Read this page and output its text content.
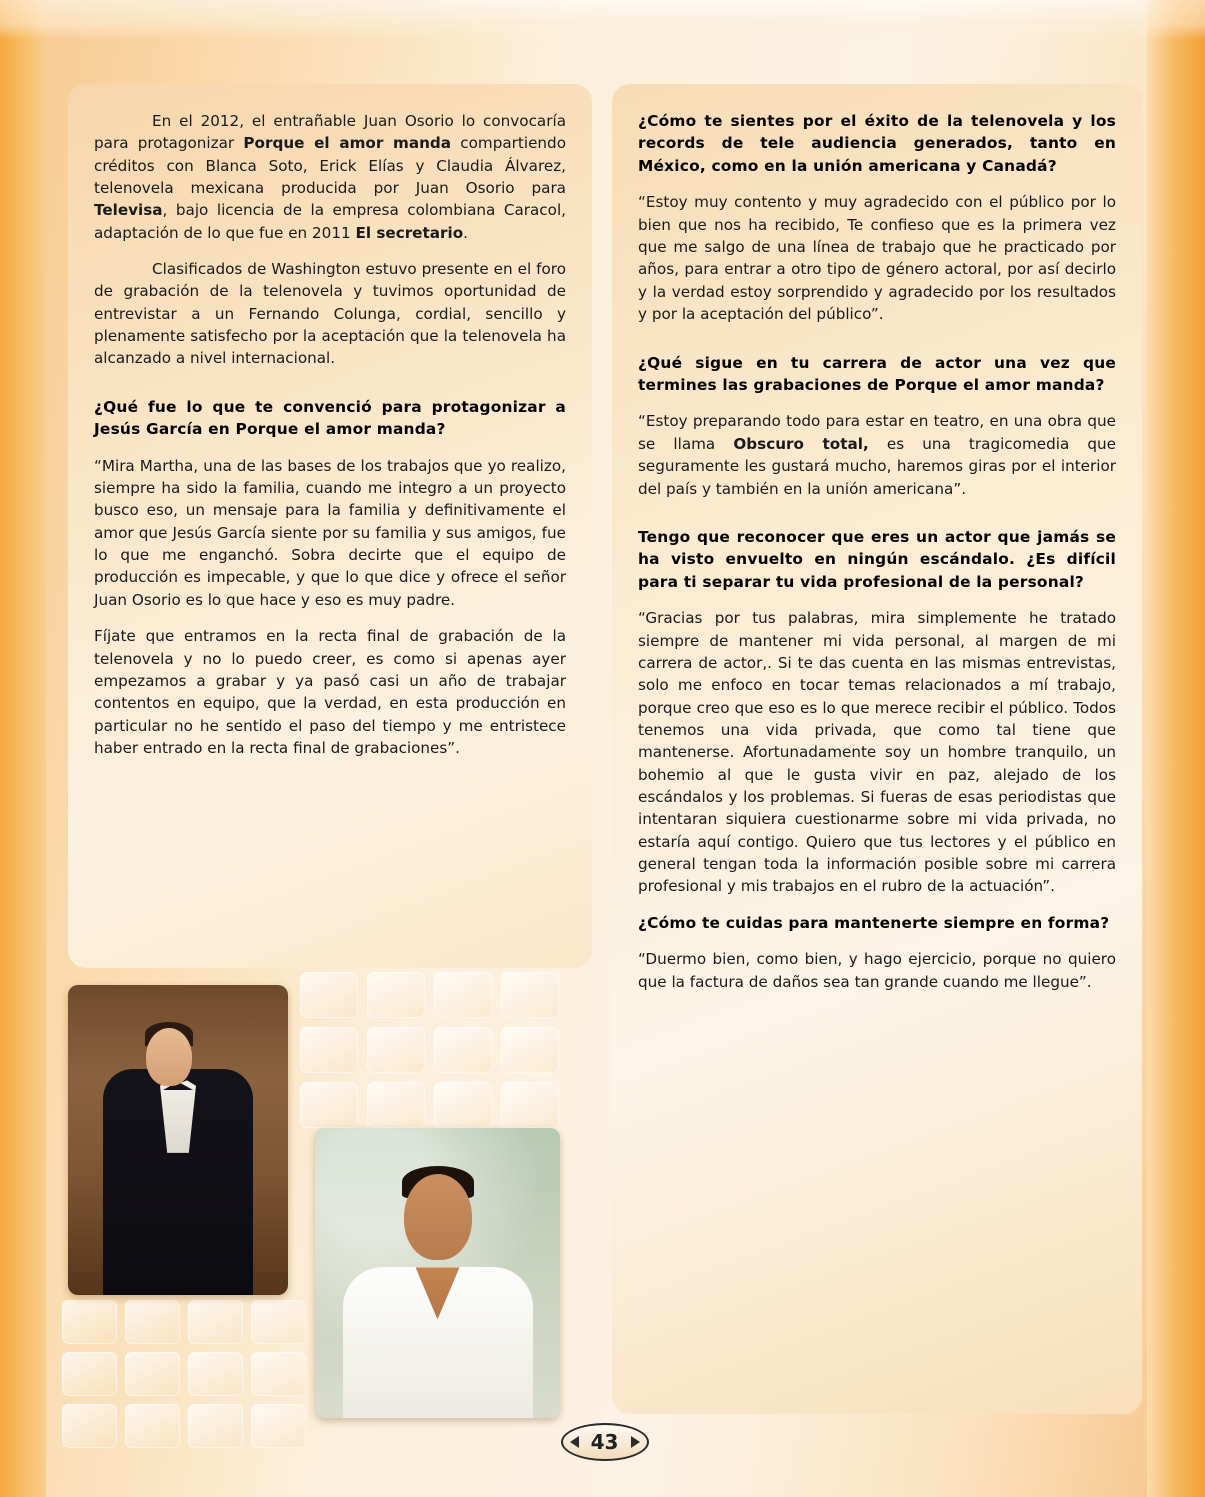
En el 2012, el entrañable Juan Osorio lo convocaría para protagonizar Porque el amor manda compartiendo créditos con Blanca Soto, Erick Elías y Claudia Álvarez, telenovela mexicana producida por Juan Osorio para Televisa, bajo licencia de la empresa colombiana Caracol, adaptación de lo que fue en 2011 El secretario.

Clasificados de Washington estuvo presente en el foro de grabación de la telenovela y tuvimos oportunidad de entrevistar a un Fernando Colunga, cordial, sencillo y plenamente satisfecho por la aceptación que la telenovela ha alcanzado a nivel internacional.

¿Qué fue lo que te convenció para protagonizar a Jesús García en Porque el amor manda?

“Mira Martha, una de las bases de los trabajos que yo realizo, siempre ha sido la familia, cuando me integro a un proyecto busco eso, un mensaje para la familia y definitivamente el amor que Jesús García siente por su familia y sus amigos, fue lo que me enganchó. Sobra decirte que el equipo de producción es impecable, y que lo que dice y ofrece el señor Juan Osorio es lo que hace y eso es muy padre.

Fíjate que entramos en la recta final de grabación de la telenovela y no lo puedo creer, es como si apenas ayer empezamos a grabar y ya pasó casi un año de trabajar contentos en equipo, que la verdad, en esta producción en particular no he sentido el paso del tiempo y me entristece haber entrado en la recta final de grabaciones”.

¿Cómo te sientes por el éxito de la telenovela y los records de tele audiencia generados, tanto en México, como en la unión americana y Canadá?

“Estoy muy contento y muy agradecido con el público por lo bien que nos ha recibido, Te confieso que es la primera vez que me salgo de una línea de trabajo que he practicado por años, para entrar a otro tipo de género actoral, por así decirlo y la verdad estoy sorprendido y agradecido por los resultados y por la aceptación del público”.

¿Qué sigue en tu carrera de actor una vez que termines las grabaciones de Porque el amor manda?

“Estoy preparando todo para estar en teatro, en una obra que se llama Obscuro total, es una tragicomedia que seguramente les gustará mucho, haremos giras por el interior del país y también en la unión americana”.

Tengo que reconocer que eres un actor que jamás se ha visto envuelto en ningún escándalo. ¿Es difícil para ti separar tu vida profesional de la personal?

“Gracias por tus palabras, mira simplemente he tratado siempre de mantener mi vida personal, al margen de mi carrera de actor,. Si te das cuenta en las mismas entrevistas, solo me enfoco en tocar temas relacionados a mí trabajo, porque creo que eso es lo que merece recibir el público. Todos tenemos una vida privada, que como tal tiene que mantenerse. Afortunadamente soy un hombre tranquilo, un bohemio al que le gusta vivir en paz, alejado de los escándalos y los problemas. Si fueras de esas periodistas que intentaran siquiera cuestionarme sobre mi vida privada, no estaría aquí contigo. Quiero que tus lectores y el público en general tengan toda la información posible sobre mi carrera profesional y mis trabajos en el rubro de la actuación”.

¿Cómo te cuidas para mantenerte siempre en forma?

“Duermo bien, como bien, y hago ejercicio, porque no quiero que la factura de daños sea tan grande cuando me llegue”.

43
